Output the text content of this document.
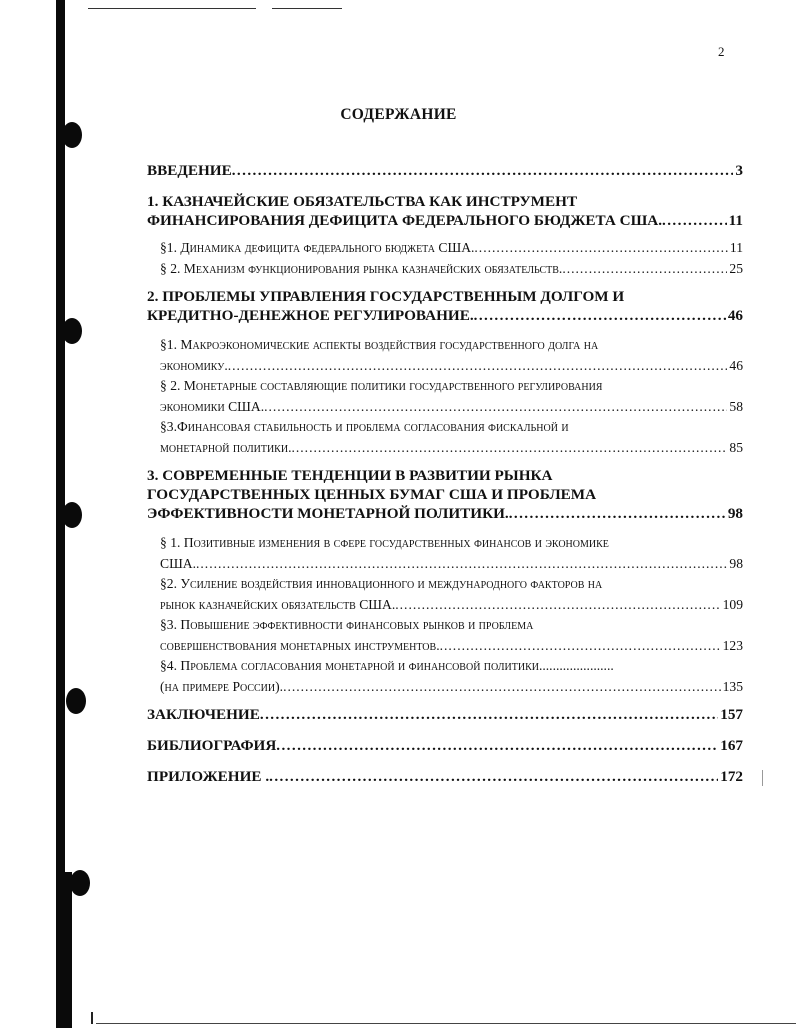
2
СОДЕРЖАНИЕ
ВВЕДЕНИЕ . . .	3
1. КАЗНАЧЕЙСКИЕ ОБЯЗАТЕЛЬСТВА КАК ИНСТРУМЕНТ
ФИНАНСИРОВАНИЯ ДЕФИЦИТА ФЕДЕРАЛЬНОГО БЮДЖЕТА США. . . .	11
§1. Динамика дефицита федерального бюджета США. . . .	11
§ 2. Механизм функционирования рынка казначейских обязательств. . . .	25
2. ПРОБЛЕМЫ УПРАВЛЕНИЯ ГОСУДАРСТВЕННЫМ ДОЛГОМ И
КРЕДИТНО-ДЕНЕЖНОЕ РЕГУЛИРОВАНИЕ. . . .	46
§1. Макроэкономические аспекты воздействия государственного долга на
экономику. . . .	46
§ 2. Монетарные составляющие политики государственного регулирования
экономики США. . . .	58
§3.Финансовая стабильность и проблема согласования фискальной и
монетарной политики. . . .	85
3. СОВРЕМЕННЫЕ ТЕНДЕНЦИИ В РАЗВИТИИ РЫНКА
ГОСУДАРСТВЕННЫХ ЦЕННЫХ БУМАГ США И ПРОБЛЕМА
ЭФФЕКТИВНОСТИ МОНЕТАРНОЙ ПОЛИТИКИ. . . .	98
§ 1. Позитивные изменения в сфере государственных финансов и экономике
США. . . .	98
§2. Усиление воздействия инновационного и международного факторов на
рынок казначейских обязательств США. . . .	109
§3. Повышение эффективности финансовых рынков и проблема
совершенствования монетарных инструментов. . . .	123
§4. Проблема согласования монетарной и финансовой политики......................
(на примере России). . . .	135
ЗАКЛЮЧЕНИЕ . . .	157
БИБЛИОГРАФИЯ . . .	167
ПРИЛОЖЕНИЕ . . . .	172
